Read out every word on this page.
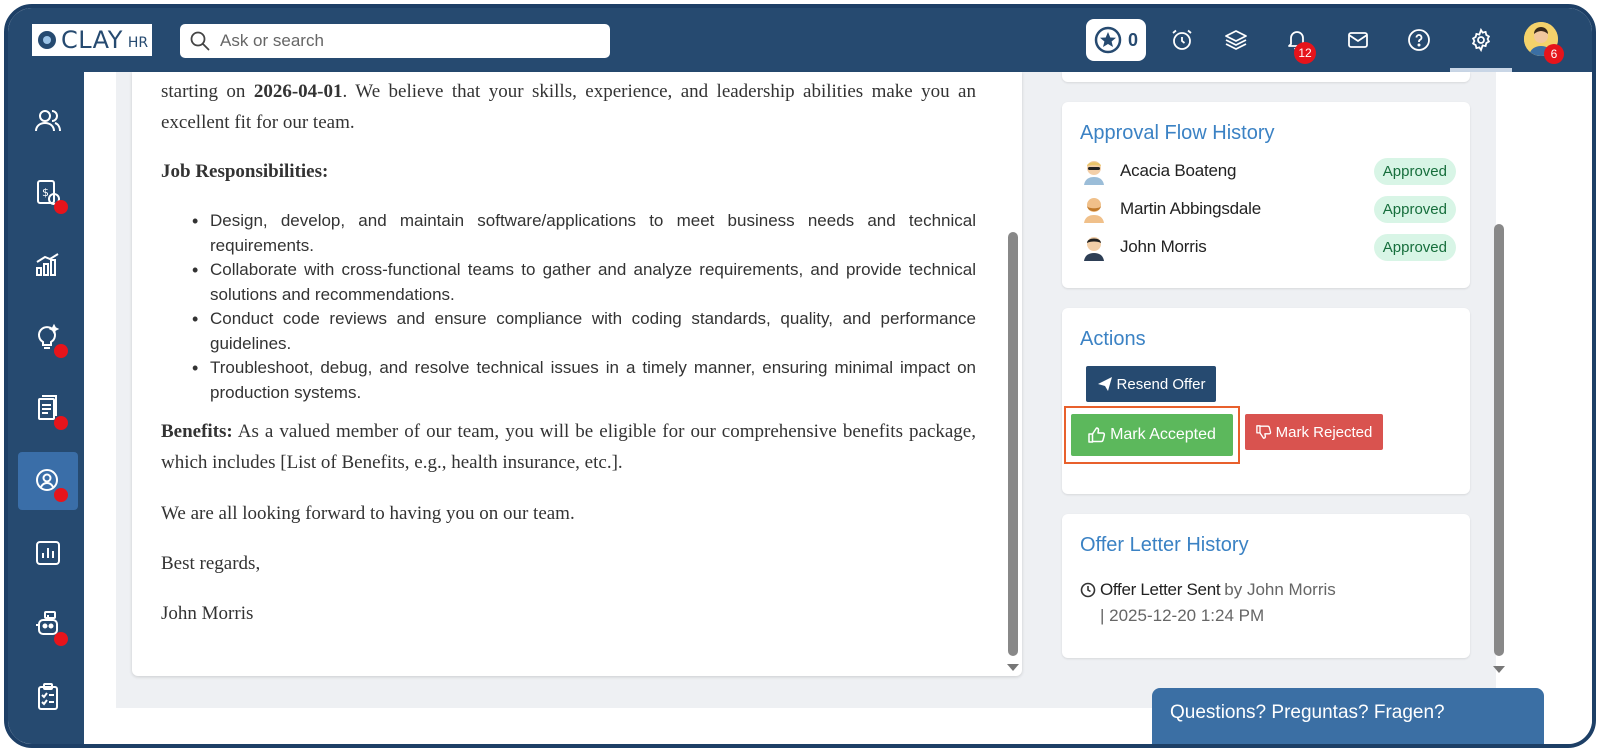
CLAY HR
Ask or search	0
12	6
$

starting on 2026-04-01. We believe that your skills, experience, and leadership abilities make you an excellent fit for our team.

Job Responsibilities:

• Design, develop, and maintain software/applications to meet business needs and technical requirements.
• Collaborate with cross-functional teams to gather and analyze requirements, and provide technical solutions and recommendations.
• Conduct code reviews and ensure compliance with coding standards, quality, and performance guidelines.
• Troubleshoot, debug, and resolve technical issues in a timely manner, ensuring minimal impact on production systems.

Benefits: As a valued member of our team, you will be eligible for our comprehensive benefits package, which includes [List of Benefits, e.g., health insurance, etc.].

We are all looking forward to having you on our team.

Best regards,

John Morris

Approval Flow History
Acacia Boateng	Approved
Martin Abbingsdale	Approved
John Morris	Approved
Actions
Resend Offer
Mark Accepted	Mark Rejected
Offer Letter History
Offer Letter Sent by John Morris
| 2025-12-20 1:24 PM
Questions? Preguntas? Fragen?
